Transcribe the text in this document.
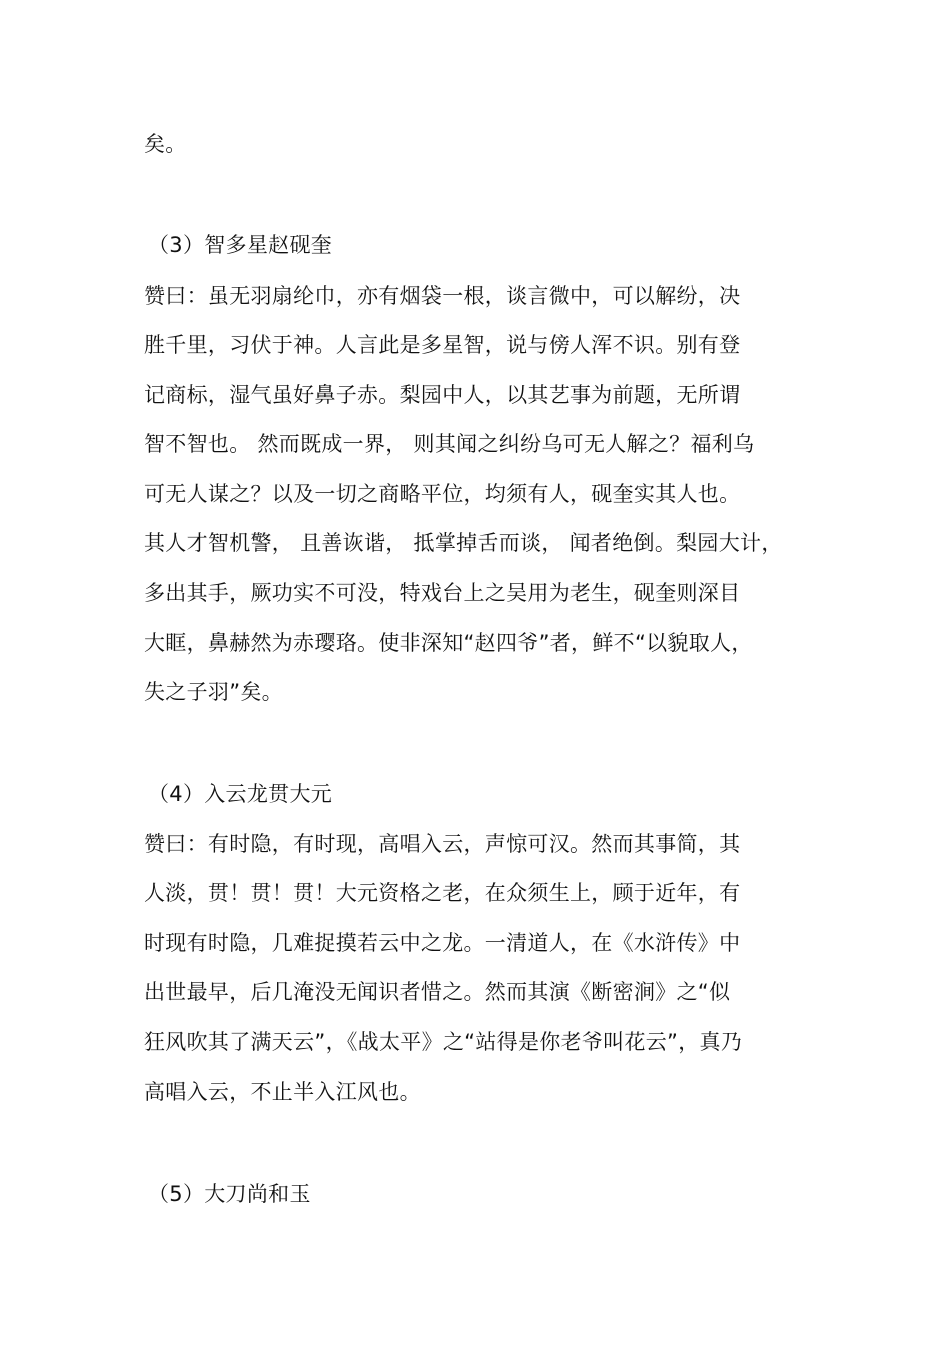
矣。
（3）智多星赵砚奎
赞曰：虽无羽扇纶巾，亦有烟袋一根，谈言微中，可以解纷，决
胜千里，习伏于神。人言此是多星智，说与傍人浑不识。别有登
记商标，湿气虽好鼻子赤。梨园中人，以其艺事为前题，无所谓
智不智也。 然而既成一界， 则其闻之纠纷乌可无人解之？福利乌
可无人谋之？以及一切之商略平位，均须有人，砚奎实其人也。
其人才智机警， 且善诙谐， 抵掌掉舌而谈， 闻者绝倒。梨园大计，
多出其手，厥功实不可没，特戏台上之吴用为老生，砚奎则深目
大眶，鼻赫然为赤璎珞。使非深知“赵四爷”者，鲜不“以貌取人，
失之子羽”矣。
（4）入云龙贯大元
赞曰：有时隐，有时现，高唱入云，声惊可汉。然而其事简，其
人淡，贯！贯！贯！大元资格之老，在众须生上，顾于近年，有
时现有时隐，几难捉摸若云中之龙。一清道人，在《水浒传》中
出世最早，后几淹没无闻识者惜之。然而其演《断密涧》之“似
狂风吹其了满天云”，《战太平》之“站得是你老爷叫花云”，真乃
高唱入云，不止半入江风也。
（5）大刀尚和玉
